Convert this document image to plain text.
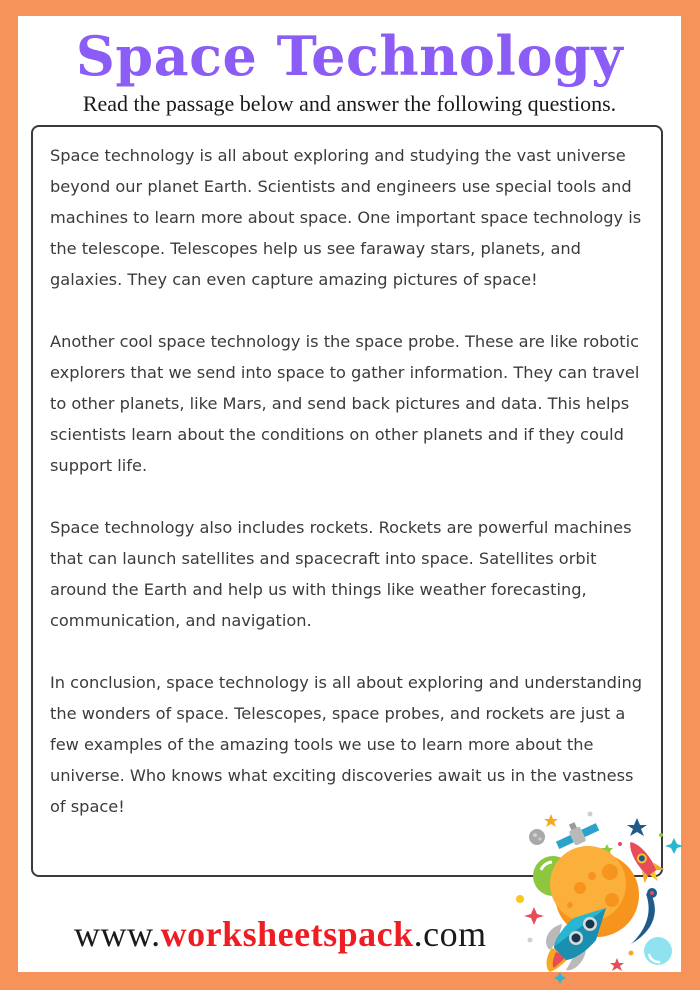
Space Technology
Read the passage below and answer the following questions.

Space technology is all about exploring and studying the vast universe beyond our planet Earth. Scientists and engineers use special tools and machines to learn more about space. One important space technology is the telescope. Telescopes help us see faraway stars, planets, and galaxies. They can even capture amazing pictures of space!

Another cool space technology is the space probe. These are like robotic explorers that we send into space to gather information. They can travel to other planets, like Mars, and send back pictures and data. This helps scientists learn about the conditions on other planets and if they could support life.

Space technology also includes rockets. Rockets are powerful machines that can launch satellites and spacecraft into space. Satellites orbit around the Earth and help us with things like weather forecasting, communication, and navigation.

In conclusion, space technology is all about exploring and understanding the wonders of space. Telescopes, space probes, and rockets are just a few examples of the amazing tools we use to learn more about the universe. Who knows what exciting discoveries await us in the vastness of space!

www.worksheetspack.com
